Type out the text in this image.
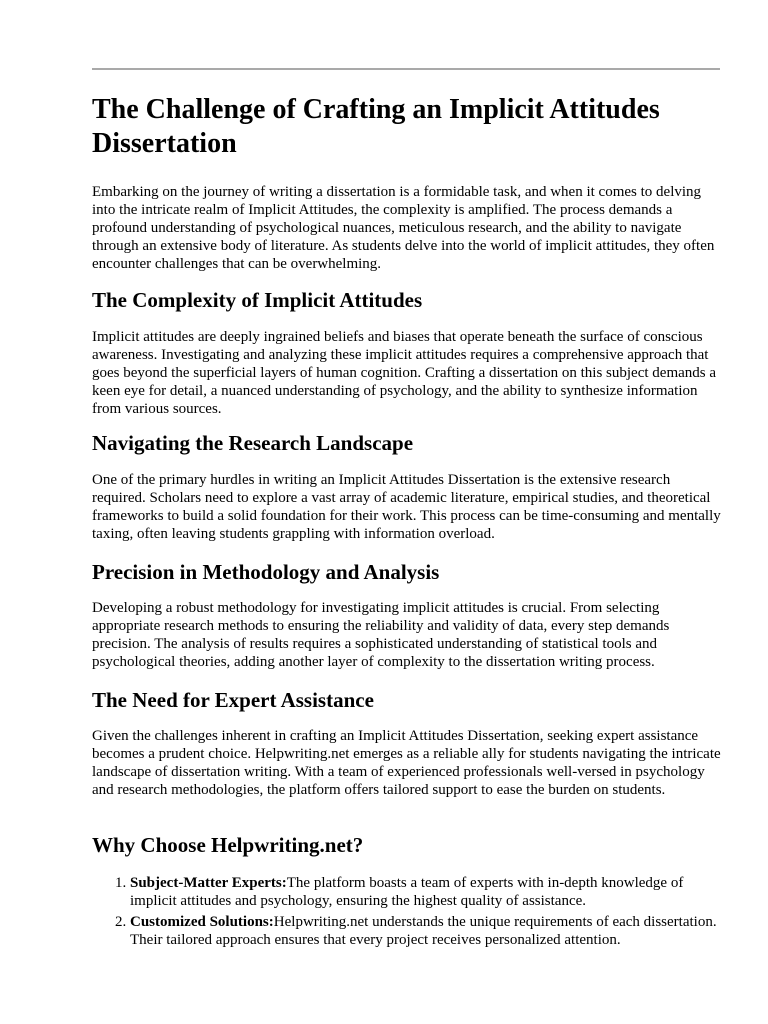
The Challenge of Crafting an Implicit Attitudes Dissertation

Embarking on the journey of writing a dissertation is a formidable task, and when it comes to delving into the intricate realm of Implicit Attitudes, the complexity is amplified. The process demands a profound understanding of psychological nuances, meticulous research, and the ability to navigate through an extensive body of literature. As students delve into the world of implicit attitudes, they often encounter challenges that can be overwhelming.

The Complexity of Implicit Attitudes

Implicit attitudes are deeply ingrained beliefs and biases that operate beneath the surface of conscious awareness. Investigating and analyzing these implicit attitudes requires a comprehensive approach that goes beyond the superficial layers of human cognition. Crafting a dissertation on this subject demands a keen eye for detail, a nuanced understanding of psychology, and the ability to synthesize information from various sources.

Navigating the Research Landscape

One of the primary hurdles in writing an Implicit Attitudes Dissertation is the extensive research required. Scholars need to explore a vast array of academic literature, empirical studies, and theoretical frameworks to build a solid foundation for their work. This process can be time-consuming and mentally taxing, often leaving students grappling with information overload.

Precision in Methodology and Analysis

Developing a robust methodology for investigating implicit attitudes is crucial. From selecting appropriate research methods to ensuring the reliability and validity of data, every step demands precision. The analysis of results requires a sophisticated understanding of statistical tools and psychological theories, adding another layer of complexity to the dissertation writing process.

The Need for Expert Assistance

Given the challenges inherent in crafting an Implicit Attitudes Dissertation, seeking expert assistance becomes a prudent choice. Helpwriting.net emerges as a reliable ally for students navigating the intricate landscape of dissertation writing. With a team of experienced professionals well-versed in psychology and research methodologies, the platform offers tailored support to ease the burden on students.

Why Choose Helpwriting.net?
1. Subject-Matter Experts:The platform boasts a team of experts with in-depth knowledge of implicit attitudes and psychology, ensuring the highest quality of assistance.
2. Customized Solutions:Helpwriting.net understands the unique requirements of each dissertation. Their tailored approach ensures that every project receives personalized attention.
